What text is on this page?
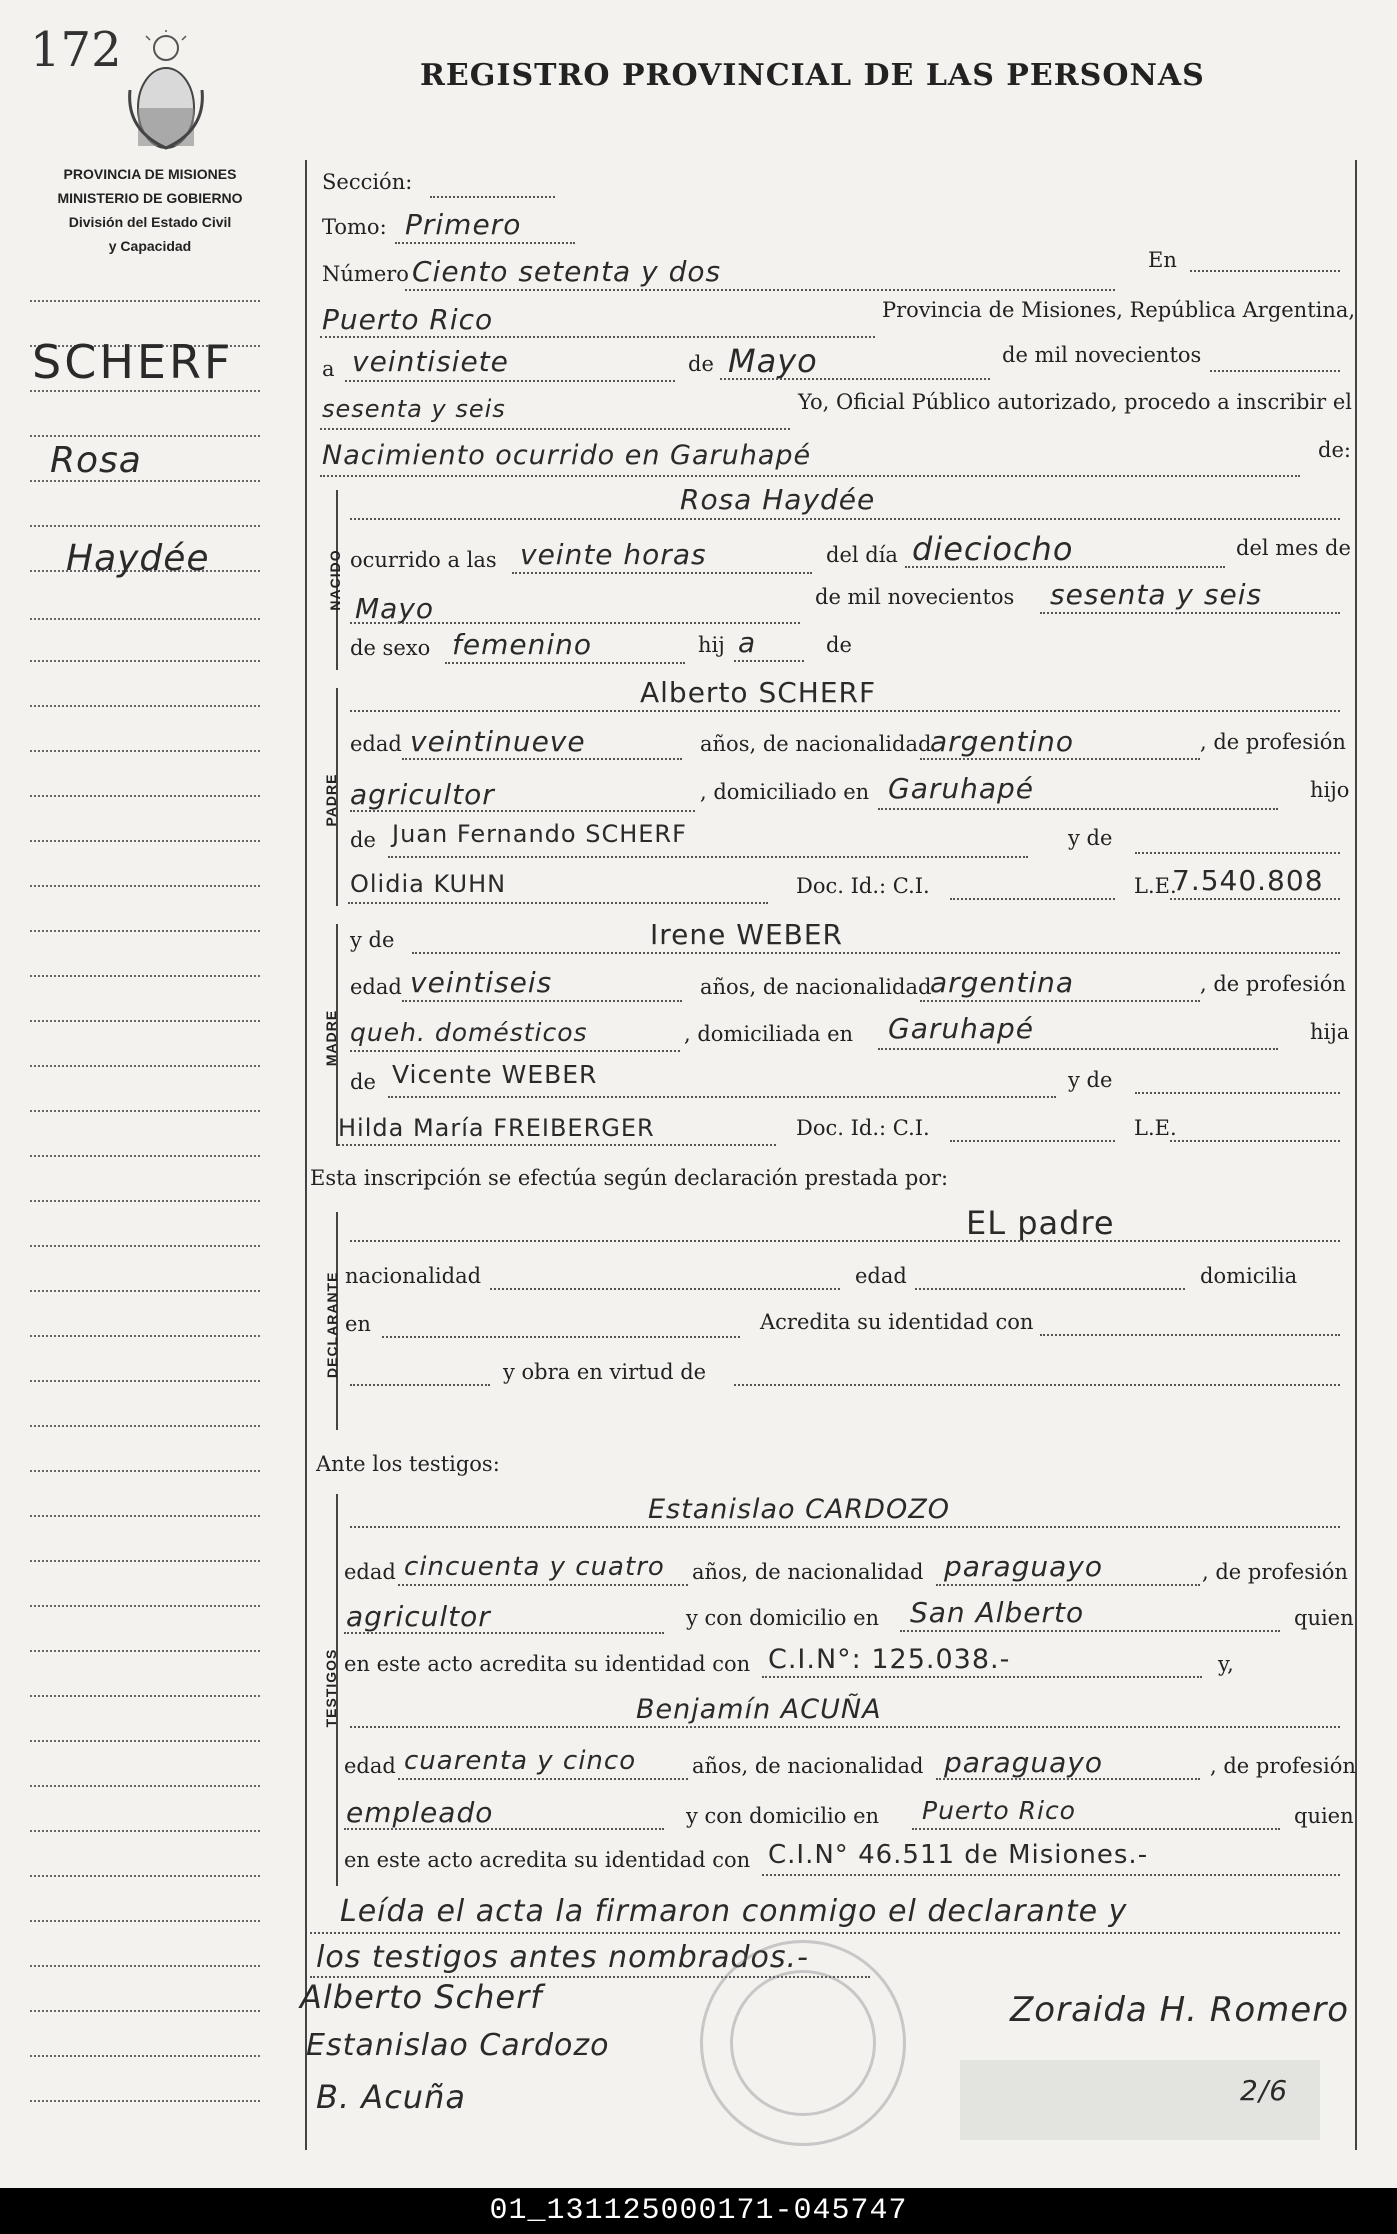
172
PROVINCIA DE MISIONES
MINISTERIO DE GOBIERNO
División del Estado Civil
y Capacidad
REGISTRO PROVINCIAL DE LAS PERSONAS
SCHERF
Rosa
Haydée
Sección:
Tomo: Primero
Número Ciento setenta y dos	En
Puerto Rico	Provincia de Misiones, República Argentina,
a veintisiete	de Mayo	de mil novecientos
sesenta y seis	Yo, Oficial Público autorizado, procedo a inscribir el
Nacimiento ocurrido en Garuhapé	de:
NACIDO
Rosa Haydée
ocurrido a las veinte horas	del día dieciocho	del mes de
Mayo	de mil novecientos sesenta y seis
de sexo femenino	hij a	de
PADRE
Alberto SCHERF
edad veintinueve	años, de nacionalidad
argentino	, de profesión
agricultor	, domiciliado en Garuhapé	hijo
de Juan Fernando SCHERF	y de
Olidia KUHN	Doc. Id.: C.I.	L.E.
7.540.808
MADRE
y de	Irene WEBER
edad veintiseis	años, de nacionalidad
argentina	, de profesión
queh. domésticos	, domiciliada en Garuhapé	hija
de Vicente WEBER	y de
Hilda María FREIBERGER	Doc. Id.: C.I.	L.E.
Esta inscripción se efectúa según declaración prestada por:
DECLARANTE
EL padre
nacionalidad	edad	domicilia
en	Acredita su identidad con
y obra en virtud de
Ante los testigos:
TESTIGOS
Estanislao CARDOZO
edad cincuenta y cuatro años, de nacionalidad paraguayo	, de profesión
agricultor	y con domicilio en San Alberto	quien
en este acto acredita su identidad con C.I.N°: 125.038.-	y,
Benjamín ACUÑA
edad cuarenta y cinco	años, de nacionalidad paraguayo	, de profesión
empleado	y con domicilio en Puerto Rico	quien
en este acto acredita su identidad con C.I.N° 46.511 de Misiones.-
Leída el acta la firmaron conmigo el declarante y
los testigos antes nombrados.-
Alberto Scherf
Estanislao Cardozo
B. Acuña
Zoraida H. Romero
2/6
01_131125000171-045747
